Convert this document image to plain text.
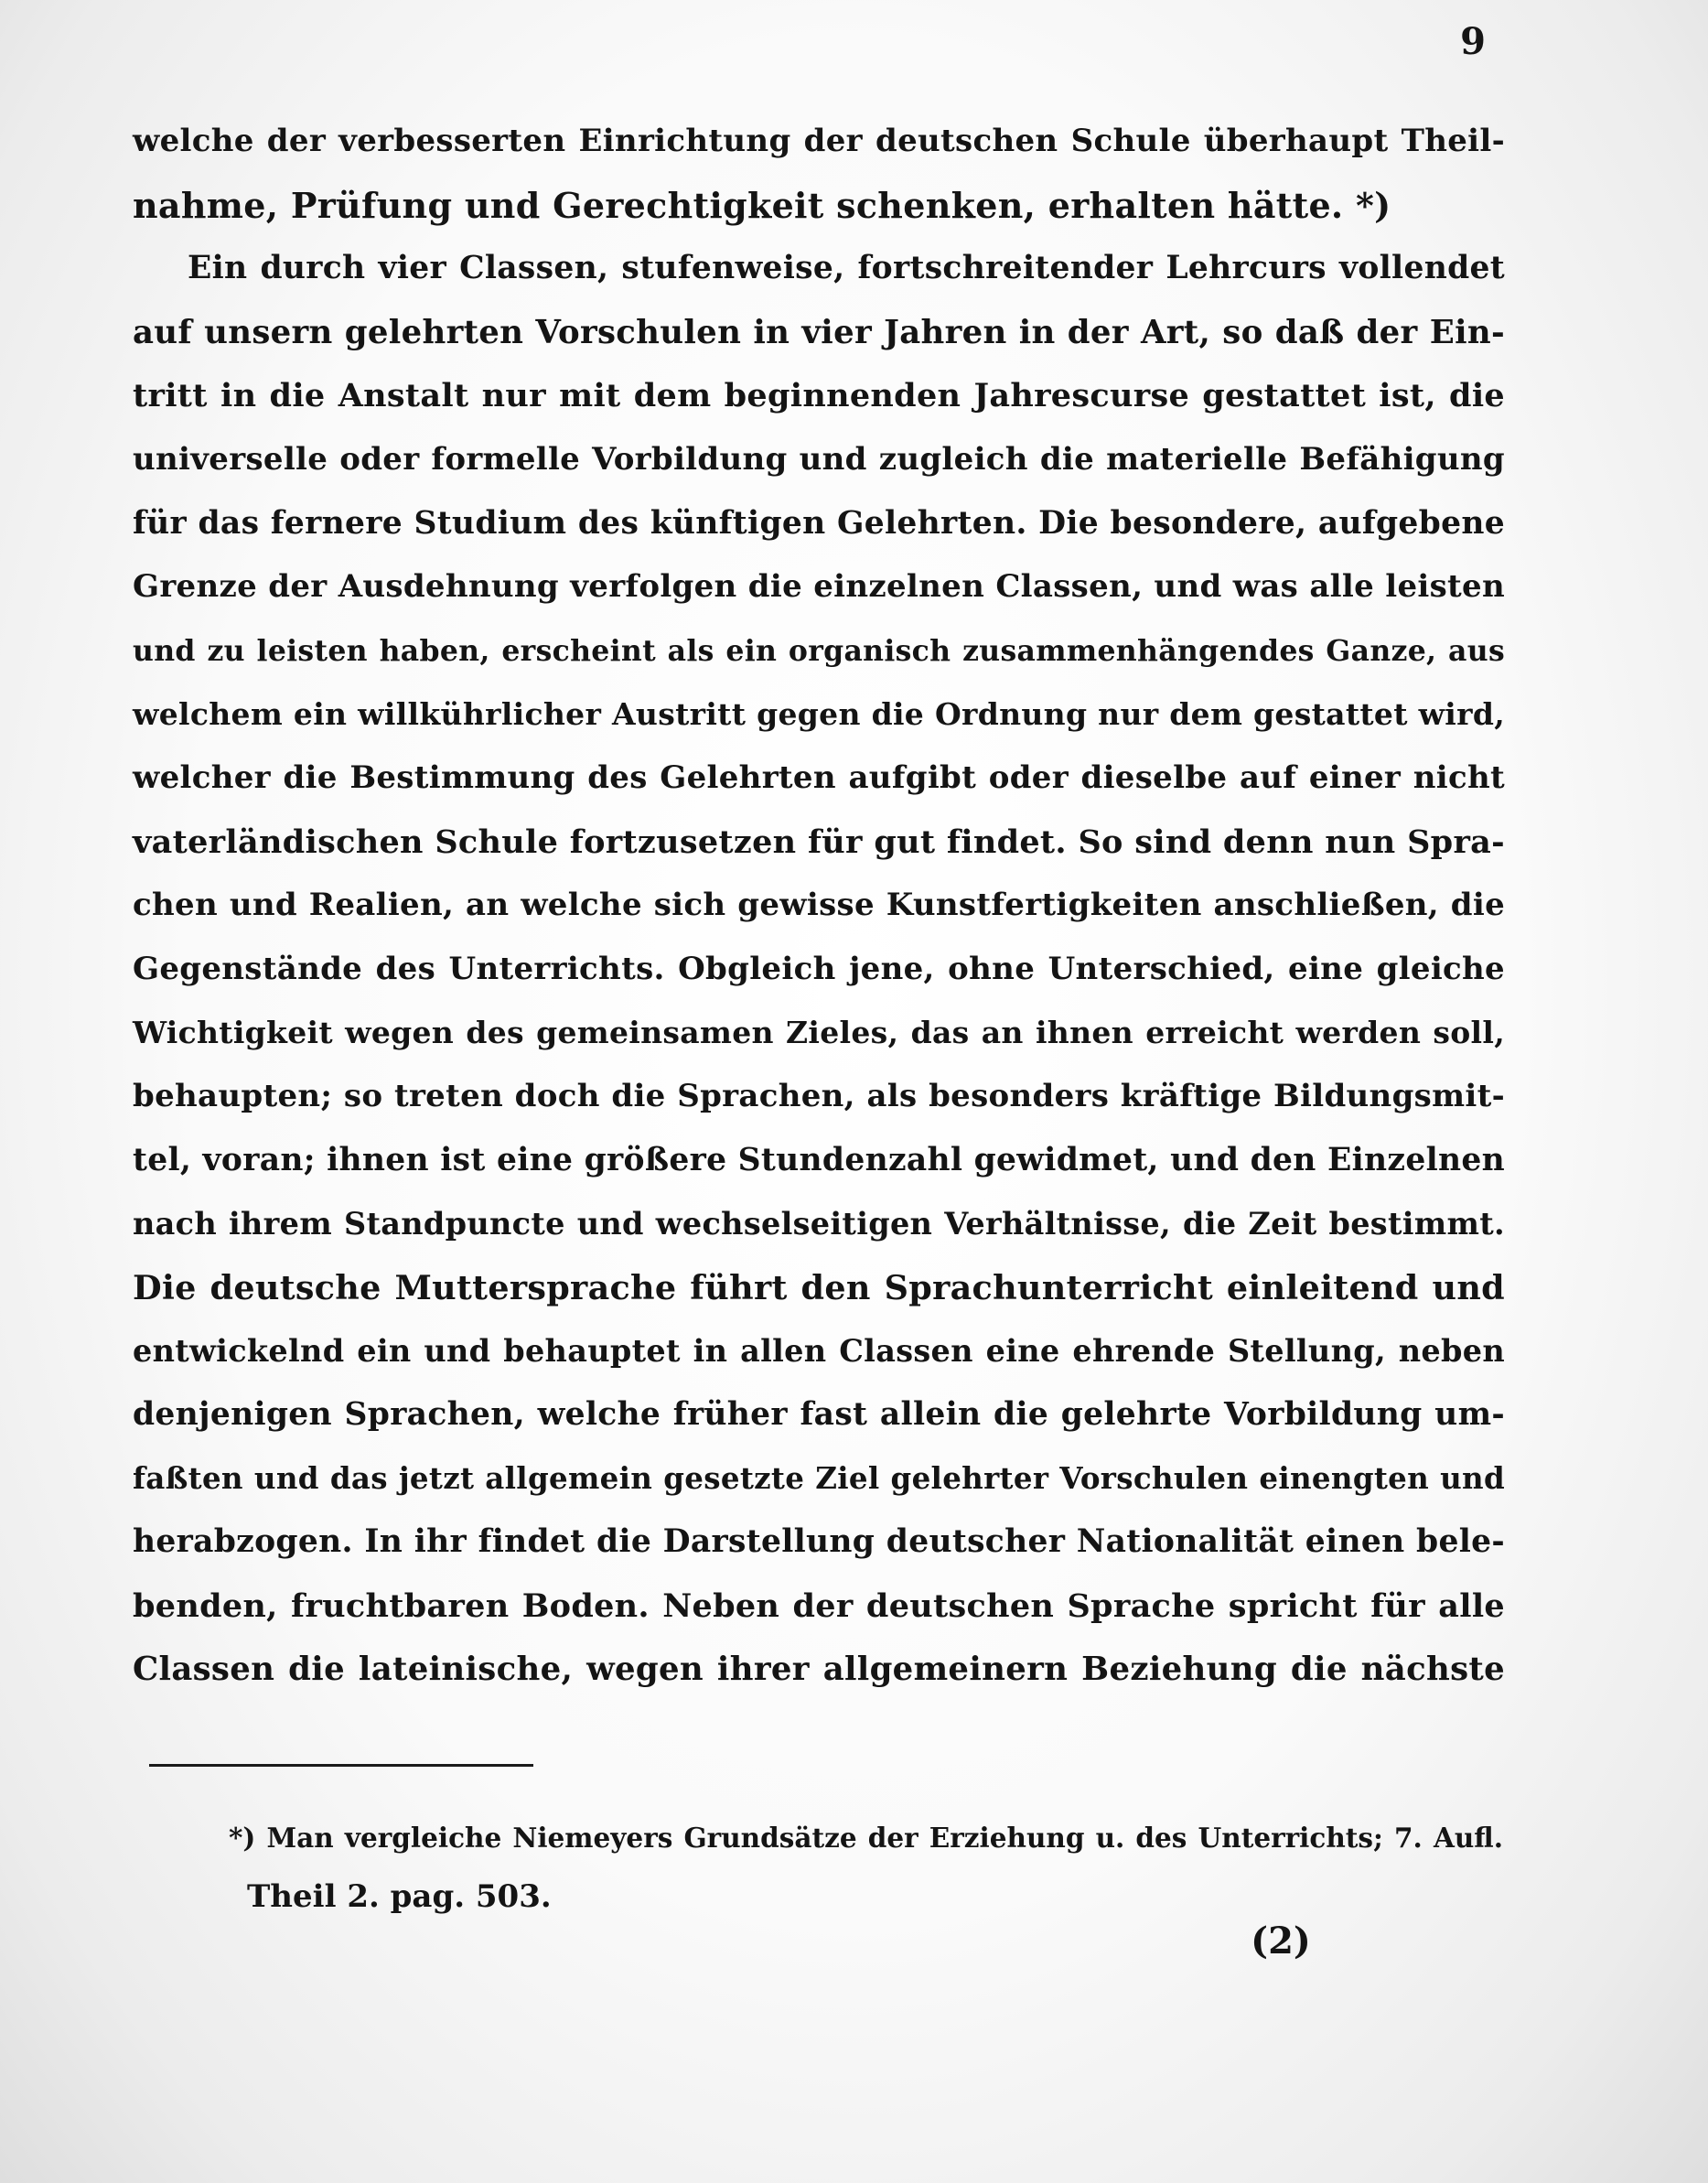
9
welche der verbesserten Einrichtung der deutschen Schule überhaupt Theil-
nahme, Prüfung und Gerechtigkeit schenken, erhalten hätte. *)
Ein durch vier Classen, stufenweise, fortschreitender Lehrcurs vollendet
auf unsern gelehrten Vorschulen in vier Jahren in der Art, so daß der Ein-
tritt in die Anstalt nur mit dem beginnenden Jahrescurse gestattet ist, die
universelle oder formelle Vorbildung und zugleich die materielle Befähigung
für das fernere Studium des künftigen Gelehrten. Die besondere, aufgebene
Grenze der Ausdehnung verfolgen die einzelnen Classen, und was alle leisten
und zu leisten haben, erscheint als ein organisch zusammenhängendes Ganze, aus
welchem ein willkührlicher Austritt gegen die Ordnung nur dem gestattet wird,
welcher die Bestimmung des Gelehrten aufgibt oder dieselbe auf einer nicht
vaterländischen Schule fortzusetzen für gut findet. So sind denn nun Spra-
chen und Realien, an welche sich gewisse Kunstfertigkeiten anschließen, die
Gegenstände des Unterrichts. Obgleich jene, ohne Unterschied, eine gleiche
Wichtigkeit wegen des gemeinsamen Zieles, das an ihnen erreicht werden soll,
behaupten; so treten doch die Sprachen, als besonders kräftige Bildungsmit-
tel, voran; ihnen ist eine größere Stundenzahl gewidmet, und den Einzelnen
nach ihrem Standpuncte und wechselseitigen Verhältnisse, die Zeit bestimmt.
Die deutsche Muttersprache führt den Sprachunterricht einleitend und
entwickelnd ein und behauptet in allen Classen eine ehrende Stellung, neben
denjenigen Sprachen, welche früher fast allein die gelehrte Vorbildung um-
faßten und das jetzt allgemein gesetzte Ziel gelehrter Vorschulen einengten und
herabzogen. In ihr findet die Darstellung deutscher Nationalität einen bele-
benden, fruchtbaren Boden. Neben der deutschen Sprache spricht für alle
Classen die lateinische, wegen ihrer allgemeinern Beziehung die nächste
*) Man vergleiche Niemeyers Grundsätze der Erziehung u. des Unterrichts; 7. Aufl.
Theil 2. pag. 503.
(2)
